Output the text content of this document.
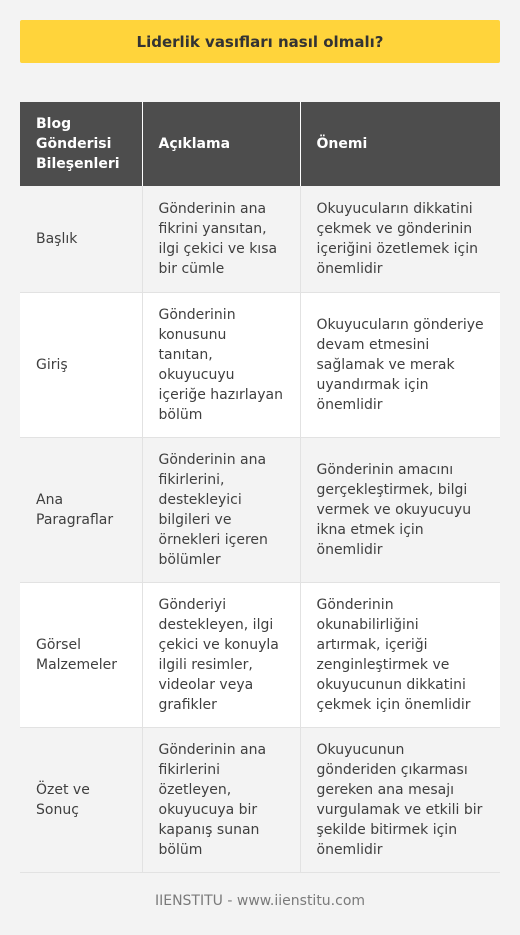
Liderlik vasıfları nasıl olmalı?
Blog Gönderisi Bileşenleri	Açıklama	Önemi
Başlık	Gönderinin ana fikrini yansıtan, ilgi çekici ve kısa bir cümle	Okuyucuların dikkatini çekmek ve gönderinin içeriğini özetlemek için önemlidir
Giriş	Gönderinin konusunu tanıtan, okuyucuyu içeriğe hazırlayan bölüm	Okuyucuların gönderiye devam etmesini sağlamak ve merak uyandırmak için önemlidir
Ana Paragraflar	Gönderinin ana fikirlerini, destekleyici bilgileri ve örnekleri içeren bölümler	Gönderinin amacını gerçekleştirmek, bilgi vermek ve okuyucuyu ikna etmek için önemlidir
Görsel Malzemeler	Gönderiyi destekleyen, ilgi çekici ve konuyla ilgili resimler, videolar veya grafikler	Gönderinin okunabilirliğini artırmak, içeriği zenginleştirmek ve okuyucunun dikkatini çekmek için önemlidir
Özet ve Sonuç	Gönderinin ana fikirlerini özetleyen, okuyucuya bir kapanış sunan bölüm	Okuyucunun gönderiden çıkarması gereken ana mesajı vurgulamak ve etkili bir şekilde bitirmek için önemlidir
IIENSTITU - www.iienstitu.com
